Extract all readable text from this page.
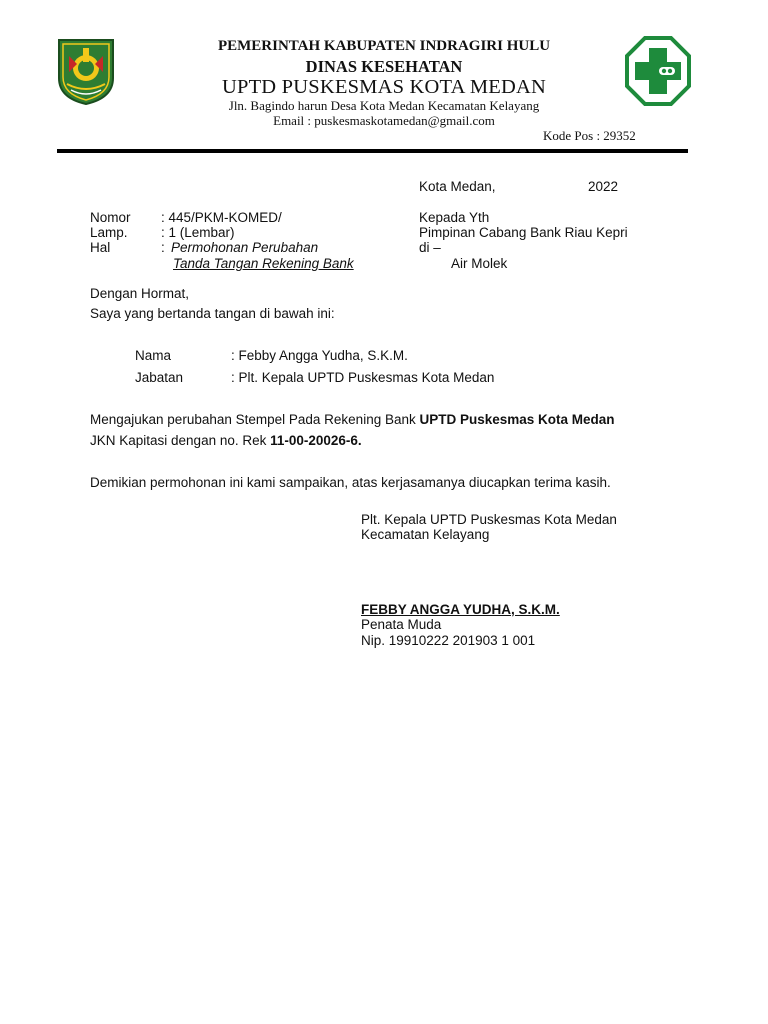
PEMERINTAH KABUPATEN INDRAGIRI HULU
DINAS KESEHATAN
UPTD PUSKESMAS KOTA MEDAN
Jln. Bagindo harun Desa Kota Medan Kecamatan Kelayang
Email : puskesmaskotamedan@gmail.com
Kode Pos : 29352
Kota Medan,	2022
Nomor : 445/PKM-KOMED/
Lamp. : 1 (Lembar)
Hal	: Permohonan Perubahan
Tanda Tangan Rekening Bank
Kepada Yth
Pimpinan Cabang Bank Riau Kepri
di –
Air Molek
Dengan Hormat,
Saya yang bertanda tangan di bawah ini:
Nama	: Febby Angga Yudha, S.K.M.
Jabatan	: Plt. Kepala UPTD Puskesmas Kota Medan
Mengajukan perubahan Stempel Pada Rekening Bank UPTD Puskesmas Kota Medan
JKN Kapitasi dengan no. Rek 11-00-20026-6.
Demikian permohonan ini kami sampaikan, atas kerjasamanya diucapkan terima kasih.
Plt. Kepala UPTD Puskesmas Kota Medan
Kecamatan Kelayang
FEBBY ANGGA YUDHA, S.K.M.
Penata Muda
Nip. 19910222 201903 1 001
